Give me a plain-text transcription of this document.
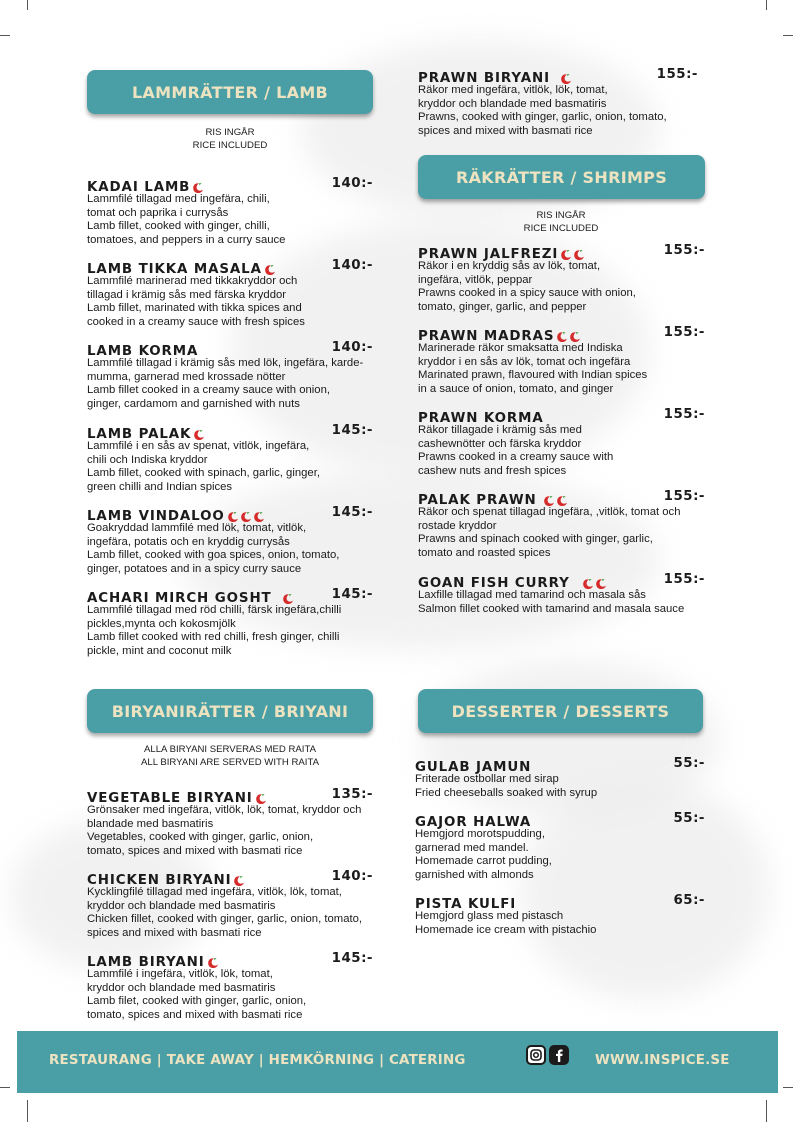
LAMMRÄTTER / LAMB
RÄKRÄTTER / SHRIMPS
BIRYANIRÄTTER / BRIYANI	DESSERTER / DESSERTS
RIS INGÅR
RICE INCLUDED
RIS INGÅR
RICE INCLUDED
ALLA BIRYANI SERVERAS MED RAITA
ALL BIRYANI ARE SERVED WITH RAITA
KADAI LAMB	140:-
Lammfilé tillagad med ingefära, chili,
tomat och paprika i currysås
Lamb fillet, cooked with ginger, chilli,
tomatoes, and peppers in a curry sauce
LAMB TIKKA MASALA	140:-
Lammfilé marinerad med tikkakryddor och
tillagad i krämig sås med färska kryddor
Lamb fillet, marinated with tikka spices and
cooked in a creamy sauce with fresh spices
LAMB KORMA	140:-
Lammfilé tillagad i krämig sås med lök, ingefära, karde-
mumma, garnerad med krossade nötter
Lamb fillet cooked in a creamy sauce with onion,
ginger, cardamom and garnished with nuts
LAMB PALAK	145:-
Lammfilé i en sås av spenat, vitlök, ingefära,
chili och Indiska kryddor
Lamb fillet, cooked with spinach, garlic, ginger,
green chilli and Indian spices
LAMB VINDALOO	145:-
Goakryddad lammfilé med lök, tomat, vitlök,
ingefära, potatis och en kryddig currysås
Lamb fillet, cooked with goa spices, onion, tomato,
ginger, potatoes and in a spicy curry sauce
ACHARI MIRCH GOSHT	145:-
Lammfilé tillagad med röd chilli, färsk ingefära,chilli
pickles,mynta och kokosmjölk
Lamb fillet cooked with red chilli, fresh ginger, chilli
pickle, mint and coconut milk
PRAWN BIRYANI	155:-
Räkor med ingefära, vitlök, lök, tomat,
kryddor och blandade med basmatiris
Prawns, cooked with ginger, garlic, onion, tomato,
spices and mixed with basmati rice
PRAWN JALFREZI	155:-
Räkor i en kryddig sås av lök, tomat,
ingefära, vitlök, peppar
Prawns cooked in a spicy sauce with onion,
tomato, ginger, garlic, and pepper
PRAWN MADRAS	155:-
Marinerade räkor smaksatta med Indiska
kryddor i en sås av lök, tomat och ingefära
Marinated prawn, flavoured with Indian spices
in a sauce of onion, tomato, and ginger
PRAWN KORMA	155:-
Räkor tillagade i krämig sås med
cashewnötter och färska kryddor
Prawns cooked in a creamy sauce with
cashew nuts and fresh spices
PALAK PRAWN	155:-
Räkor och spenat tillagad ingefära, ,vitlök, tomat och
rostade kryddor
Prawns and spinach cooked with ginger, garlic,
tomato and roasted spices
GOAN FISH CURRY	155:-
Laxfille tillagad med tamarind och masala sås
Salmon fillet cooked with tamarind and masala sauce
VEGETABLE BIRYANI	135:-
Grönsaker med ingefära, vitlök, lök, tomat, kryddor och
blandade med basmatiris
Vegetables, cooked with ginger, garlic, onion,
tomato, spices and mixed with basmati rice
CHICKEN BIRYANI	140:-
Kycklingfilé tillagad med ingefära, vitlök, lök, tomat,
kryddor och blandade med basmatiris
Chicken fillet, cooked with ginger, garlic, onion, tomato,
spices and mixed with basmati rice
LAMB BIRYANI	145:-
Lammfilé i ingefära, vitlök, lök, tomat,
kryddor och blandade med basmatiris
Lamb filet, cooked with ginger, garlic, onion,
tomato, spices and mixed with basmati rice
GULAB JAMUN	55:-
Friterade ostbollar med sirap
Fried cheeseballs soaked with syrup
GAJOR HALWA	55:-
Hemgjord morotspudding,
garnerad med mandel.
Homemade carrot pudding,
garnished with almonds
PISTA KULFI	65:-
Hemgjord glass med pistasch
Homemade ice cream with pistachio
RESTAURANG | TAKE AWAY | HEMKÖRNING | CATERING	WWW.INSPICE.SE
